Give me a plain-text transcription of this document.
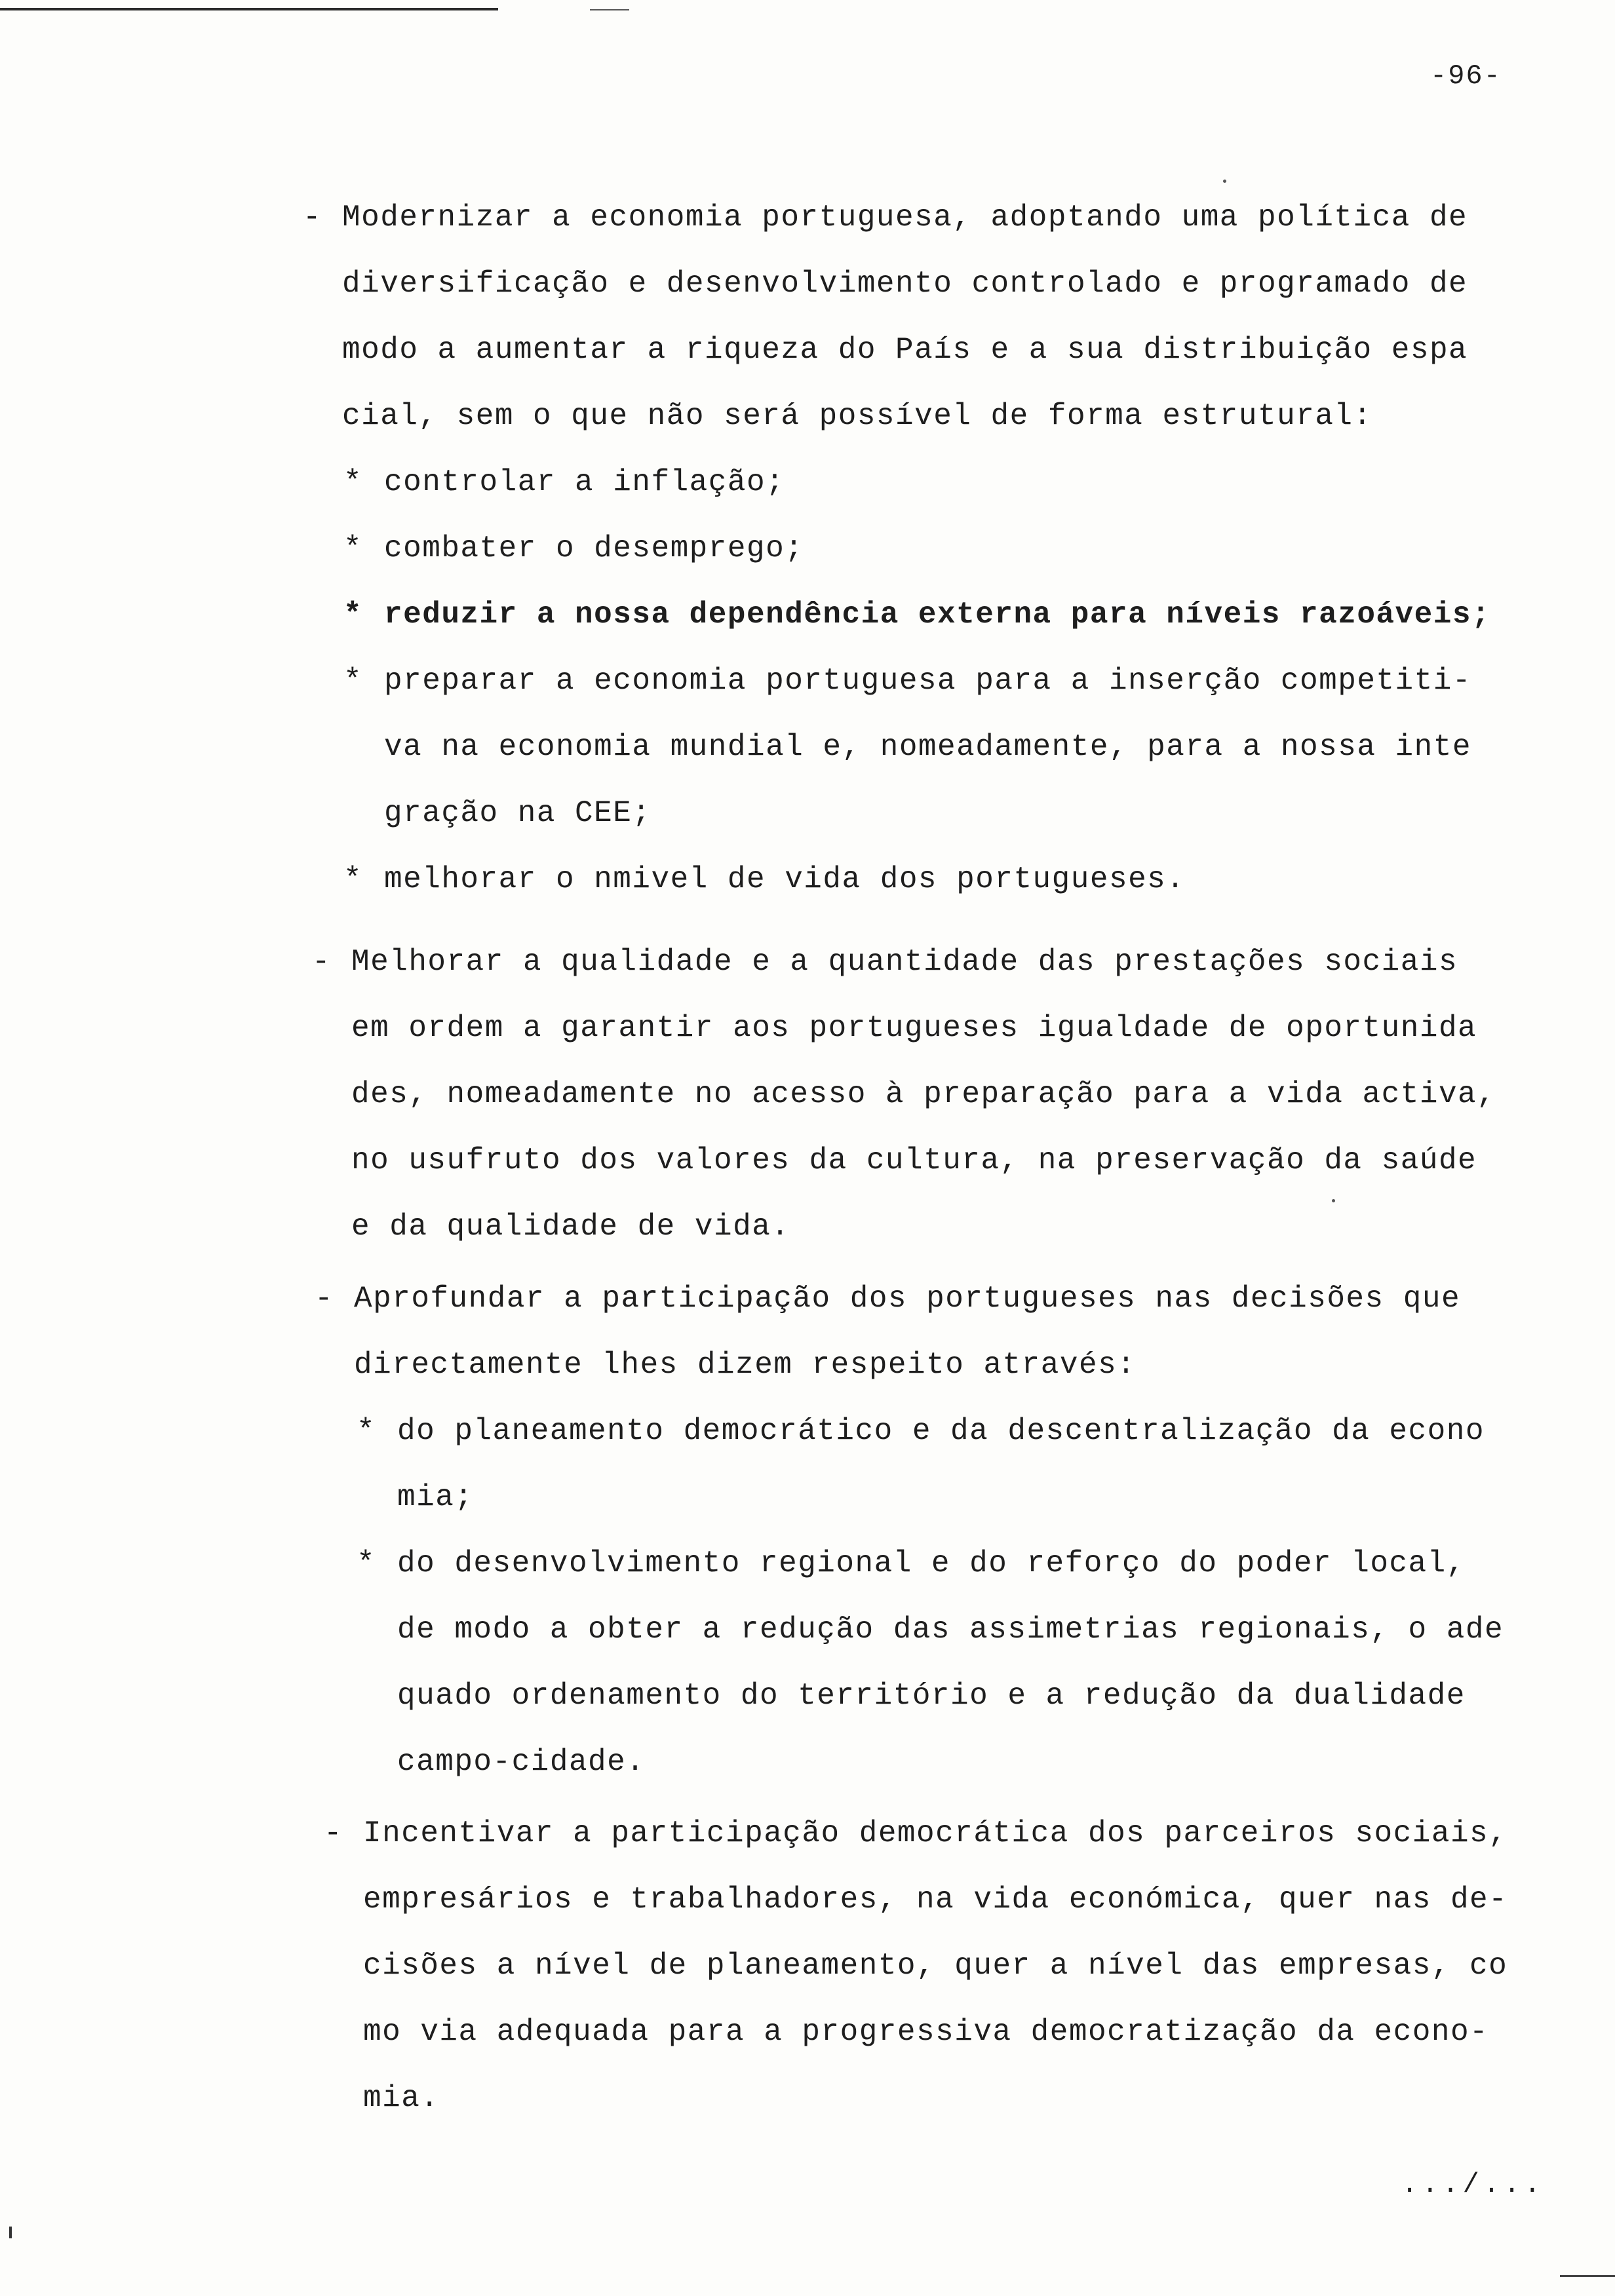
-96-
- Modernizar a economia portuguesa, adoptando uma política de
diversificação e desenvolvimento controlado e programado de
modo a aumentar a riqueza do País e a sua distribuição espa
cial, sem o que não será possível de forma estrutural:
* controlar a inflação;
* combater o desemprego;
* reduzir a nossa dependência externa para níveis razoáveis;
* preparar a economia portuguesa para a inserção competiti-
va na economia mundial e, nomeadamente, para a nossa inte
gração na CEE;
* melhorar o nmivel de vida dos portugueses.
- Melhorar a qualidade e a quantidade das prestações sociais
em ordem a garantir aos portugueses igualdade de oportunida
des, nomeadamente no acesso à preparação para a vida activa,
no usufruto dos valores da cultura, na preservação da saúde
e da qualidade de vida.
- Aprofundar a participação dos portugueses nas decisões que
directamente lhes dizem respeito através:
* do planeamento democrático e da descentralização da econo
mia;
* do desenvolvimento regional e do reforço do poder local,
de modo a obter a redução das assimetrias regionais, o ade
quado ordenamento do território e a redução da dualidade
campo-cidade.
- Incentivar a participação democrática dos parceiros sociais,
empresários e trabalhadores, na vida económica, quer nas de-
cisões a nível de planeamento, quer a nível das empresas, co
mo via adequada para a progressiva democratização da econo-
mia.
.../...
